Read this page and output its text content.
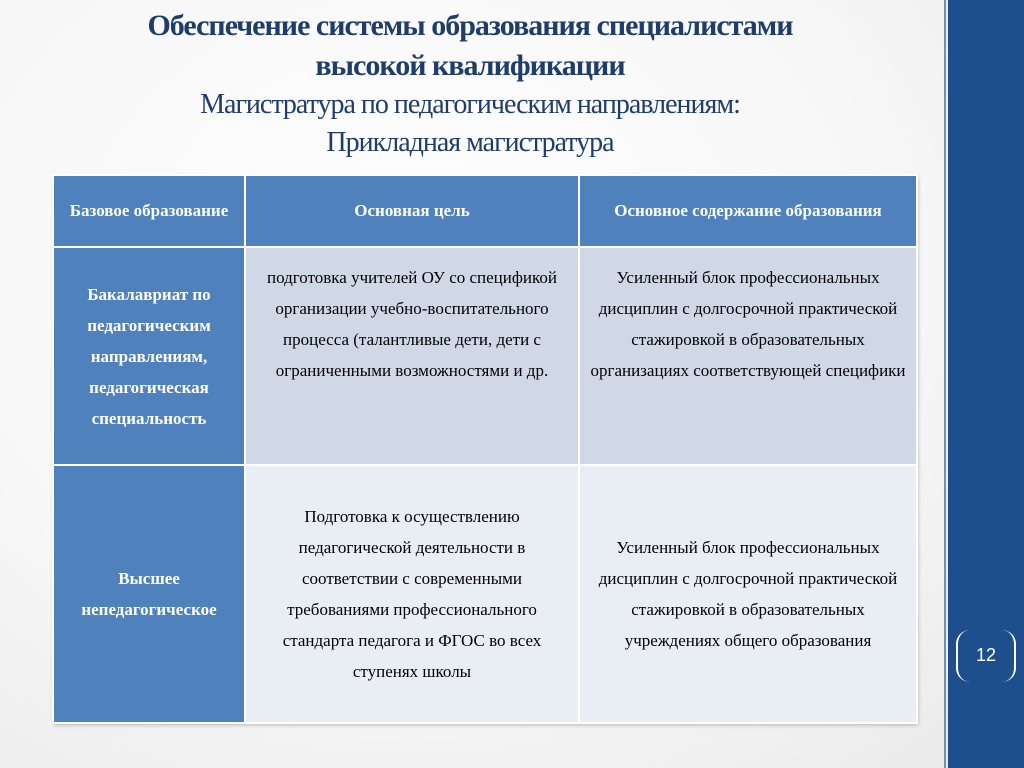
12
Обеспечение системы образования специалистами
высокой квалификации
Магистратура по педагогическим направлениям:
Прикладная магистратура
Базовое образование	Основная цель	Основное содержание образования
Бакалавриат по педагогическим направлениям, педагогическая специальность	подготовка учителей ОУ со спецификой организации учебно-воспитательного процесса (талантливые дети, дети с ограниченными возможностями и др.	Усиленный блок профессиональных дисциплин с долгосрочной практической стажировкой в образовательных организациях соответствующей специфики
Высшее непедагогическое	Подготовка к осуществлению педагогической деятельности в соответствии с современными требованиями профессионального стандарта педагога и ФГОС во всех ступенях школы	Усиленный блок профессиональных дисциплин с долгосрочной практической стажировкой в образовательных учреждениях общего образования
